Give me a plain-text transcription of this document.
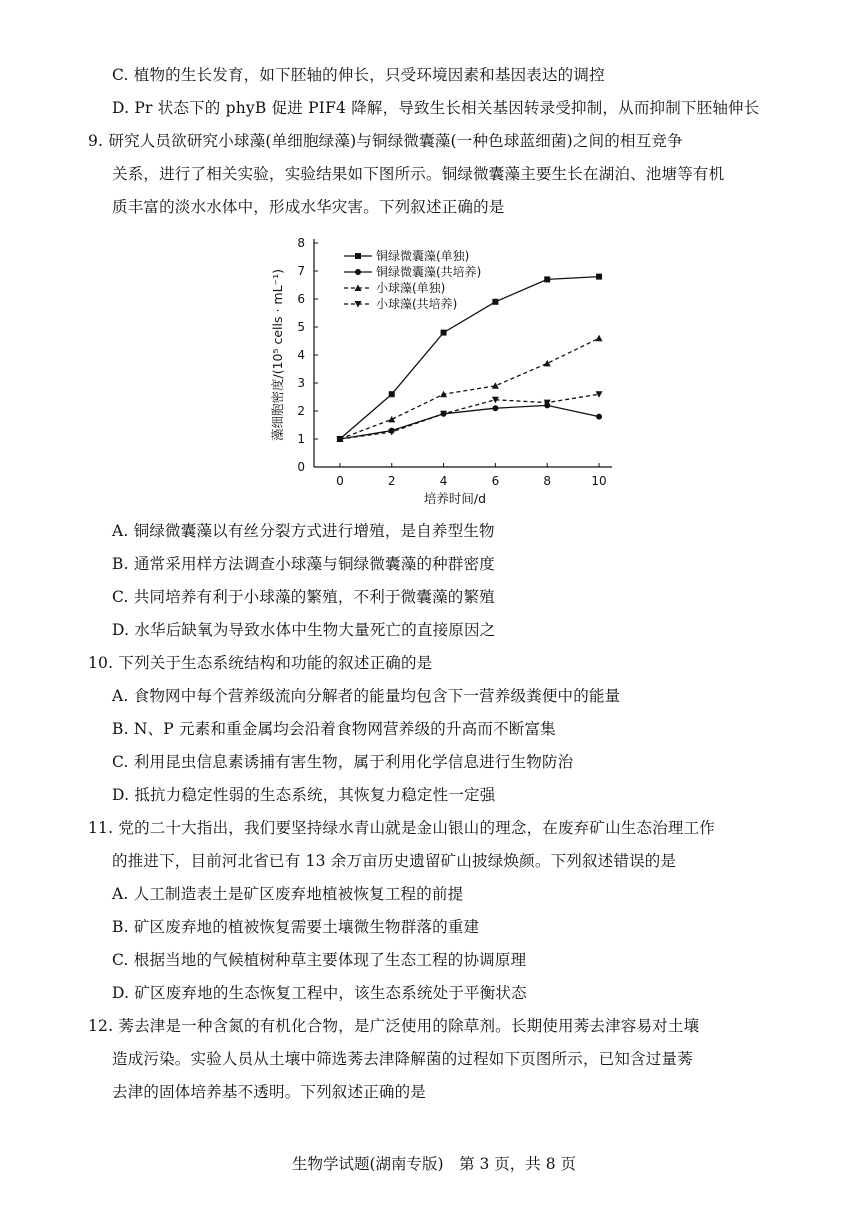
C. 植物的生长发育，如下胚轴的伸长，只受环境因素和基因表达的调控
D. Pr 状态下的 phyB 促进 PIF4 降解，导致生长相关基因转录受抑制，从而抑制下胚轴伸长
9. 研究人员欲研究小球藻(单细胞绿藻)与铜绿微囊藻(一种色球蓝细菌)之间的相互竞争
关系，进行了相关实验，实验结果如下图所示。铜绿微囊藻主要生长在湖泊、池塘等有机
质丰富的淡水水体中，形成水华灾害。下列叙述正确的是
0
1
2
3
4
5
6
7
8
0	2	4	6	8	10
培养时间/d
藻细胞密度/(10⁵ cells · mL⁻¹)
铜绿微囊藻(单独)
铜绿微囊藻(共培养)
小球藻(单独)
小球藻(共培养)
A. 铜绿微囊藻以有丝分裂方式进行增殖，是自养型生物
B. 通常采用样方法调查小球藻与铜绿微囊藻的种群密度
C. 共同培养有利于小球藻的繁殖，不利于微囊藻的繁殖
D. 水华后缺氧为导致水体中生物大量死亡的直接原因之
10. 下列关于生态系统结构和功能的叙述正确的是
A. 食物网中每个营养级流向分解者的能量均包含下一营养级粪便中的能量
B. N、P 元素和重金属均会沿着食物网营养级的升高而不断富集
C. 利用昆虫信息素诱捕有害生物，属于利用化学信息进行生物防治
D. 抵抗力稳定性弱的生态系统，其恢复力稳定性一定强
11. 党的二十大指出，我们要坚持绿水青山就是金山银山的理念，在废弃矿山生态治理工作
的推进下，目前河北省已有 13 余万亩历史遗留矿山披绿焕颜。下列叙述错误的是
A. 人工制造表土是矿区废弃地植被恢复工程的前提
B. 矿区废弃地的植被恢复需要土壤微生物群落的重建
C. 根据当地的气候植树种草主要体现了生态工程的协调原理
D. 矿区废弃地的生态恢复工程中，该生态系统处于平衡状态
12. 莠去津是一种含氮的有机化合物，是广泛使用的除草剂。长期使用莠去津容易对土壤
造成污染。实验人员从土壤中筛选莠去津降解菌的过程如下页图所示，已知含过量莠
去津的固体培养基不透明。下列叙述正确的是
生物学试题(湖南专版)　第 3 页，共 8 页
